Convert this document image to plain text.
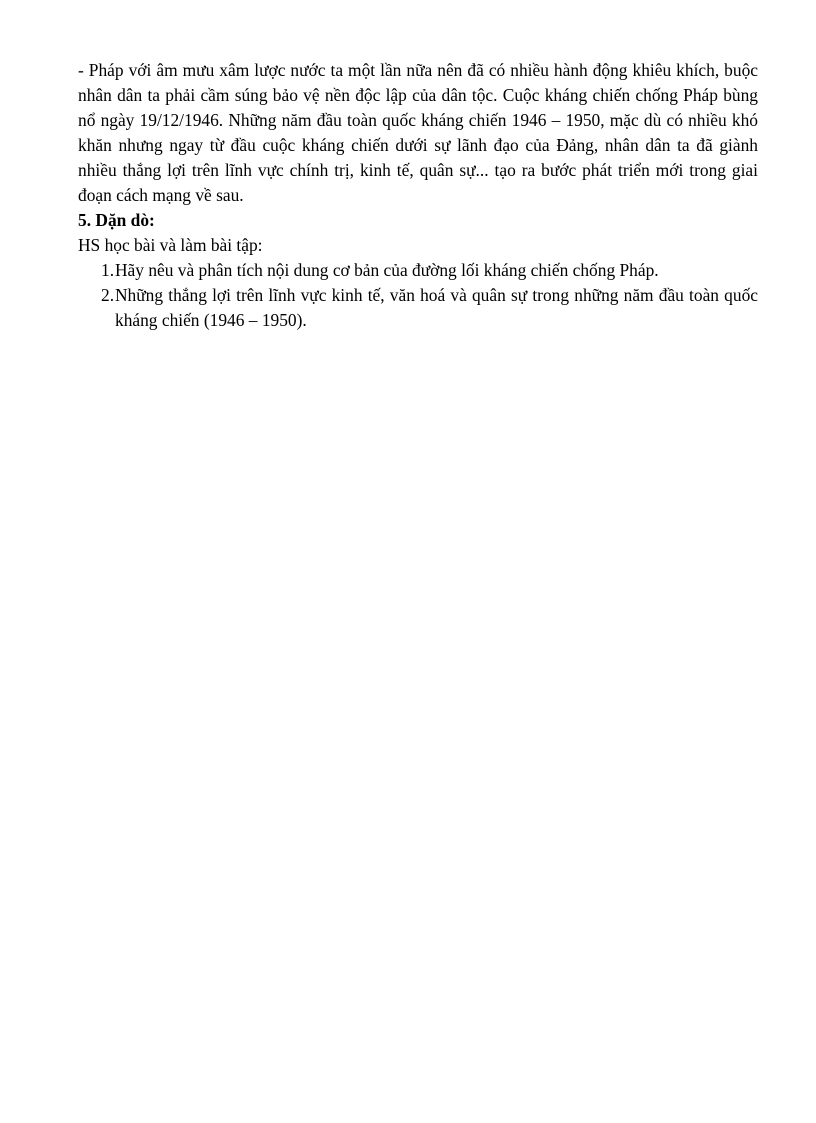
- Pháp với âm mưu xâm lược nước ta một lần nữa nên đã có nhiều hành động khiêu khích, buộc nhân dân ta phải cầm súng bảo vệ nền độc lập của dân tộc. Cuộc kháng chiến chống Pháp bùng nổ ngày 19/12/1946. Những năm đầu toàn quốc kháng chiến 1946 – 1950, mặc dù có nhiều khó khăn nhưng ngay từ đầu cuộc kháng chiến dưới sự lãnh đạo của Đảng, nhân dân ta đã giành nhiều thắng lợi trên lĩnh vực chính trị, kinh tế, quân sự... tạo ra bước phát triển mới trong giai đoạn cách mạng về sau.

5. Dặn dò:

HS học bài và làm bài tập:

1. Hãy nêu và phân tích nội dung cơ bản của đường lối kháng chiến chống Pháp.
2. Những thắng lợi trên lĩnh vực kinh tế, văn hoá và quân sự trong những năm đầu toàn quốc kháng chiến (1946 – 1950).
